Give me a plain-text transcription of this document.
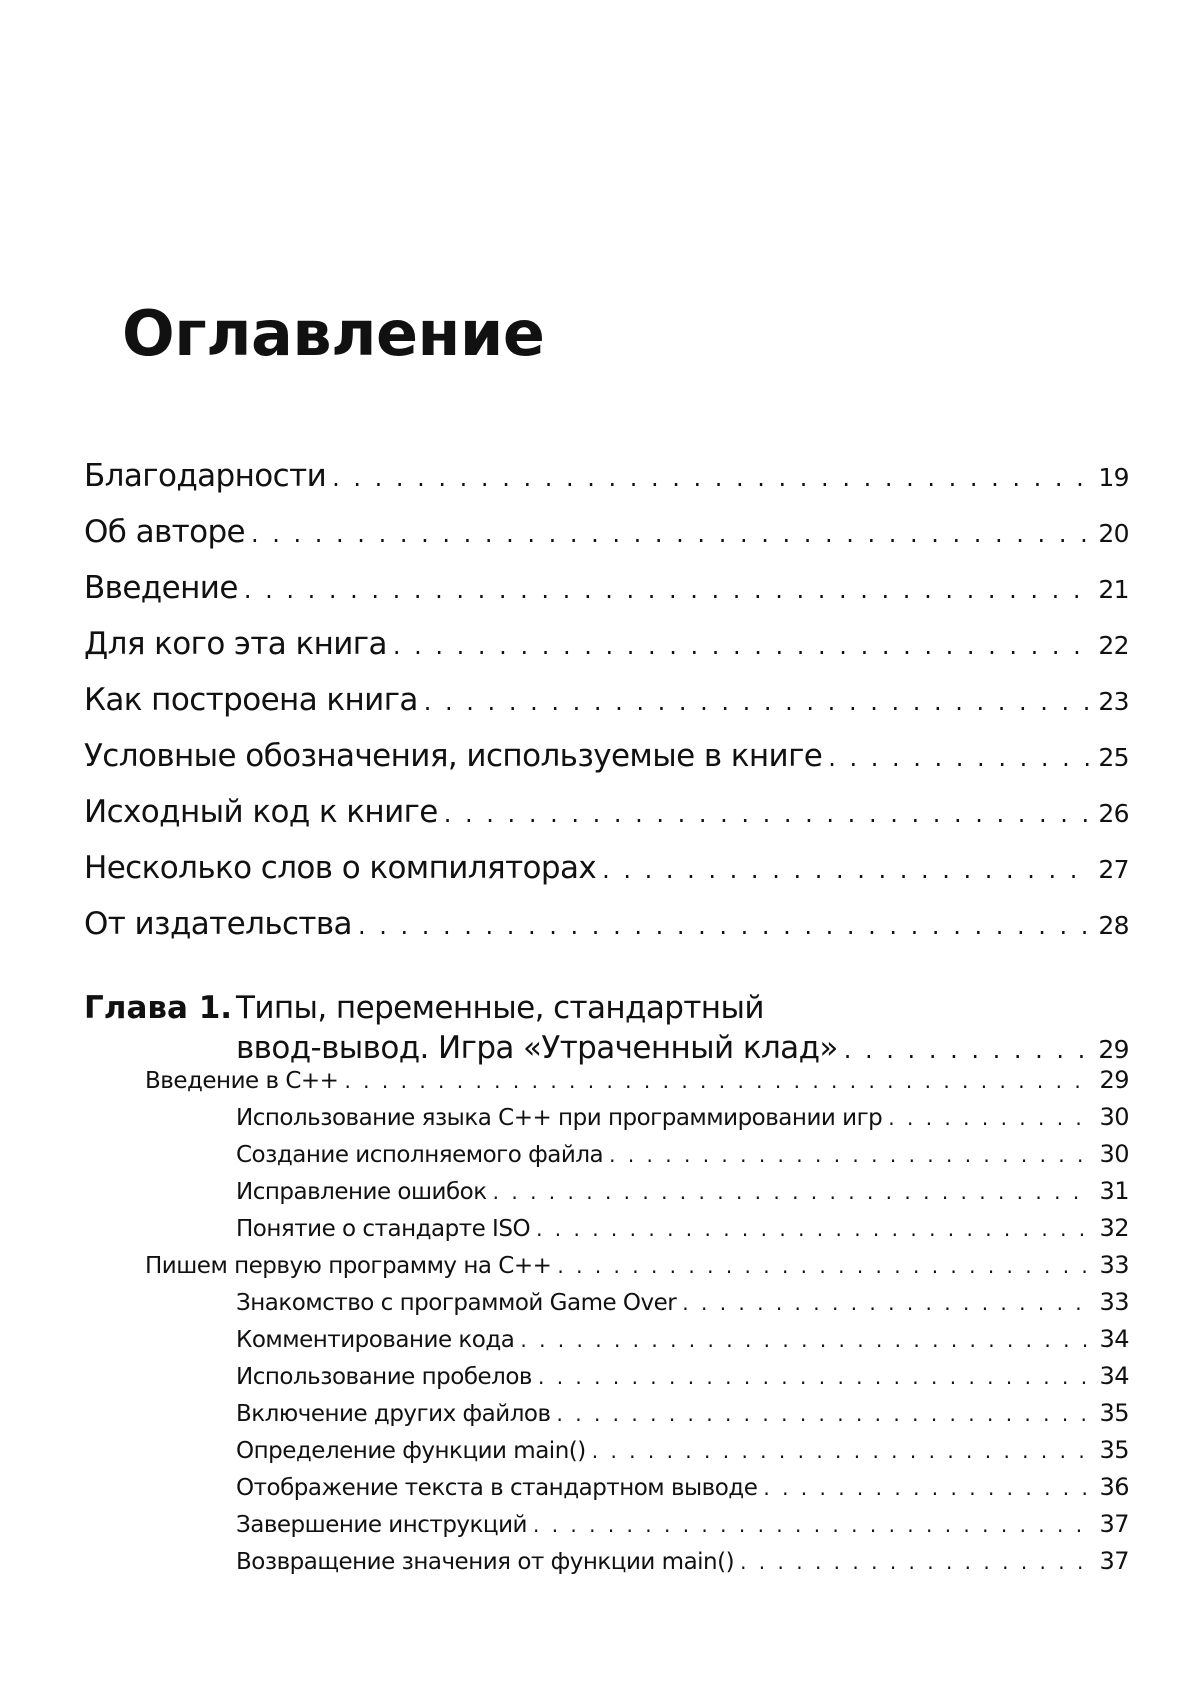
Оглавление
Благодарности . . .	19
Об авторе . . .	20
Введение . . .	21
Для кого эта книга . . .	22
Как построена книга . . .	23
Условные обозначения, используемые в книге . . .	25
Исходный код к книге . . .	26
Несколько слов о компиляторах . . .	27
От издательства . . .	28
Глава 1. Типы, переменные, стандартный
ввод-вывод. Игра «Утраченный клад» . . .	29
Введение в C++ . . .	29
Использование языка C++ при программировании игр . . .	30
Создание исполняемого файла . . .	30
Исправление ошибок . . .	31
Понятие о стандарте ISO . . .	32
Пишем первую программу на C++ . . .	33
Знакомство с программой Game Over . . .	33
Комментирование кода . . .	34
Использование пробелов . . .	34
Включение других файлов . . .	35
Определение функции main() . . .	35
Отображение текста в стандартном выводе . . .	36
Завершение инструкций . . .	37
Возвращение значения от функции main() . . .	37
